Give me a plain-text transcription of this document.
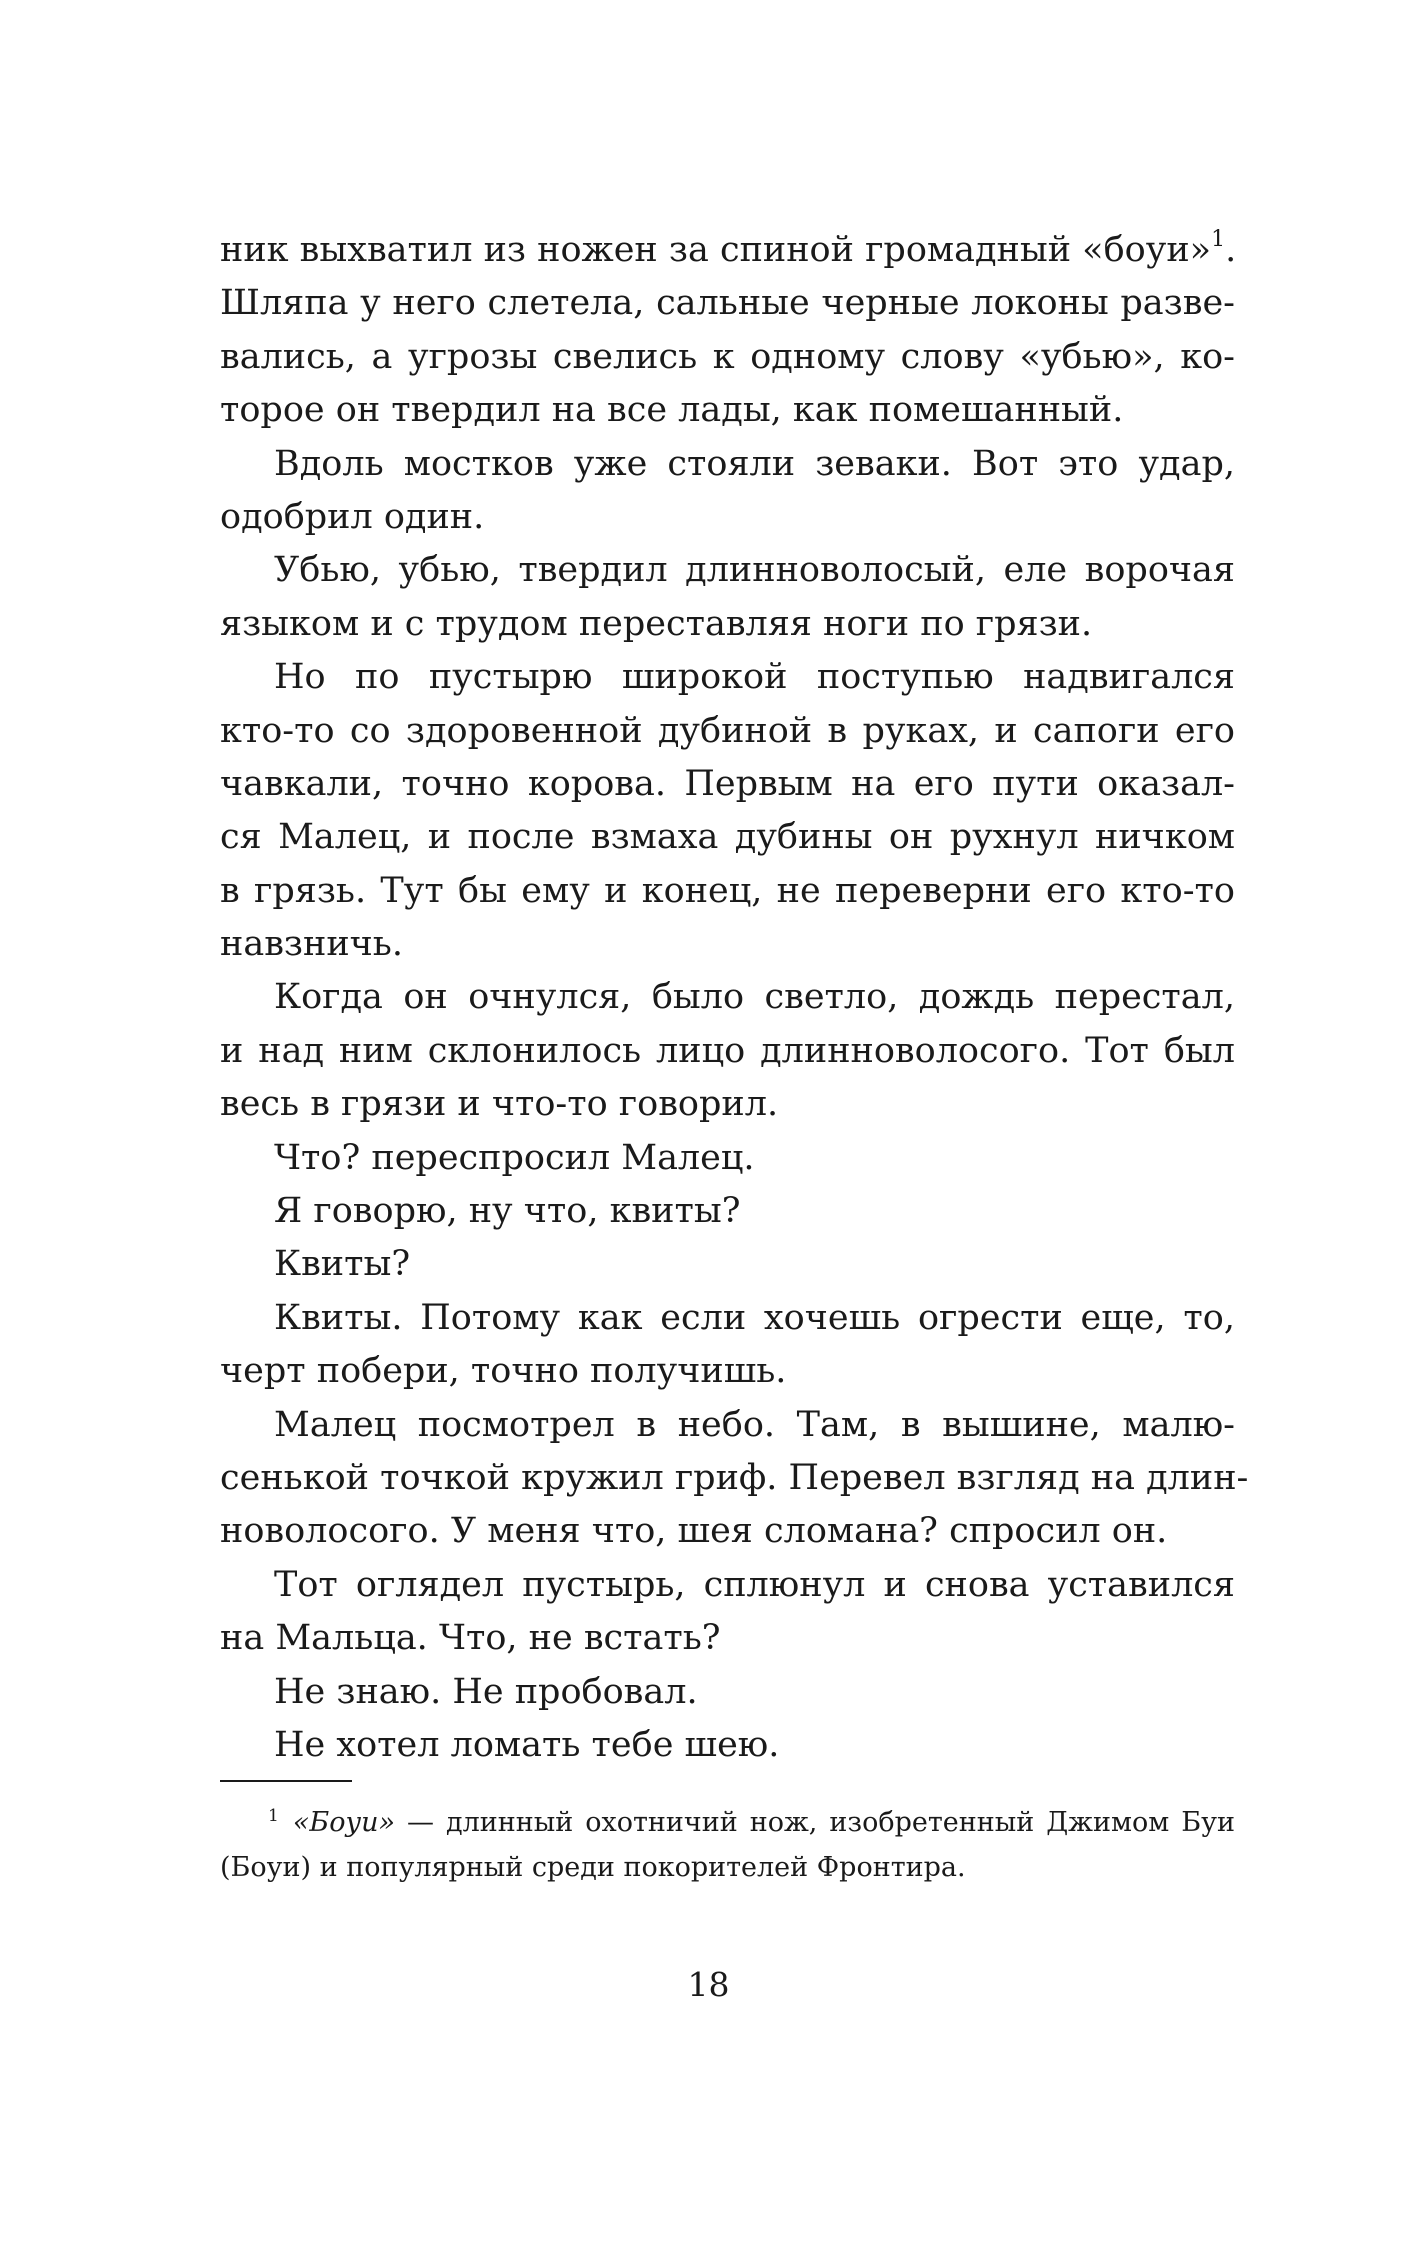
ник выхватил из ножен за спиной громадный «боуи»$^1$.
Шляпа у него слетела, сальные черные локоны разве-
вались, а угрозы свелись к одному слову «убью», ко-
торое он твердил на все лады, как помешанный.
Вдоль мостков уже стояли зеваки. Вот это удар,
одобрил один.
Убью, убью, твердил длинноволосый, еле ворочая
языком и с трудом переставляя ноги по грязи.
Но по пустырю широкой поступью надвигался
кто-то со здоровенной дубиной в руках, и сапоги его
чавкали, точно корова. Первым на его пути оказал-
ся Малец, и после взмаха дубины он рухнул ничком
в грязь. Тут бы ему и конец, не переверни его кто-то
навзничь.
Когда он очнулся, было светло, дождь перестал,
и над ним склонилось лицо длинноволосого. Тот был
весь в грязи и что-то говорил.
Что? переспросил Малец.
Я говорю, ну что, квиты?
Квиты?
Квиты. Потому как если хочешь огрести еще, то,
черт побери, точно получишь.
Малец посмотрел в небо. Там, в вышине, малю-
сенькой точкой кружил гриф. Перевел взгляд на длин-
новолосого. У меня что, шея сломана? спросил он.
Тот оглядел пустырь, сплюнул и снова уставился
на Мальца. Что, не встать?
Не знаю. Не пробовал.
Не хотел ломать тебе шею.
$^1$ «Боуи» — длинный охотничий нож, изобретенный Джимом Буи
(Боуи) и популярный среди покорителей Фронтира.
18
